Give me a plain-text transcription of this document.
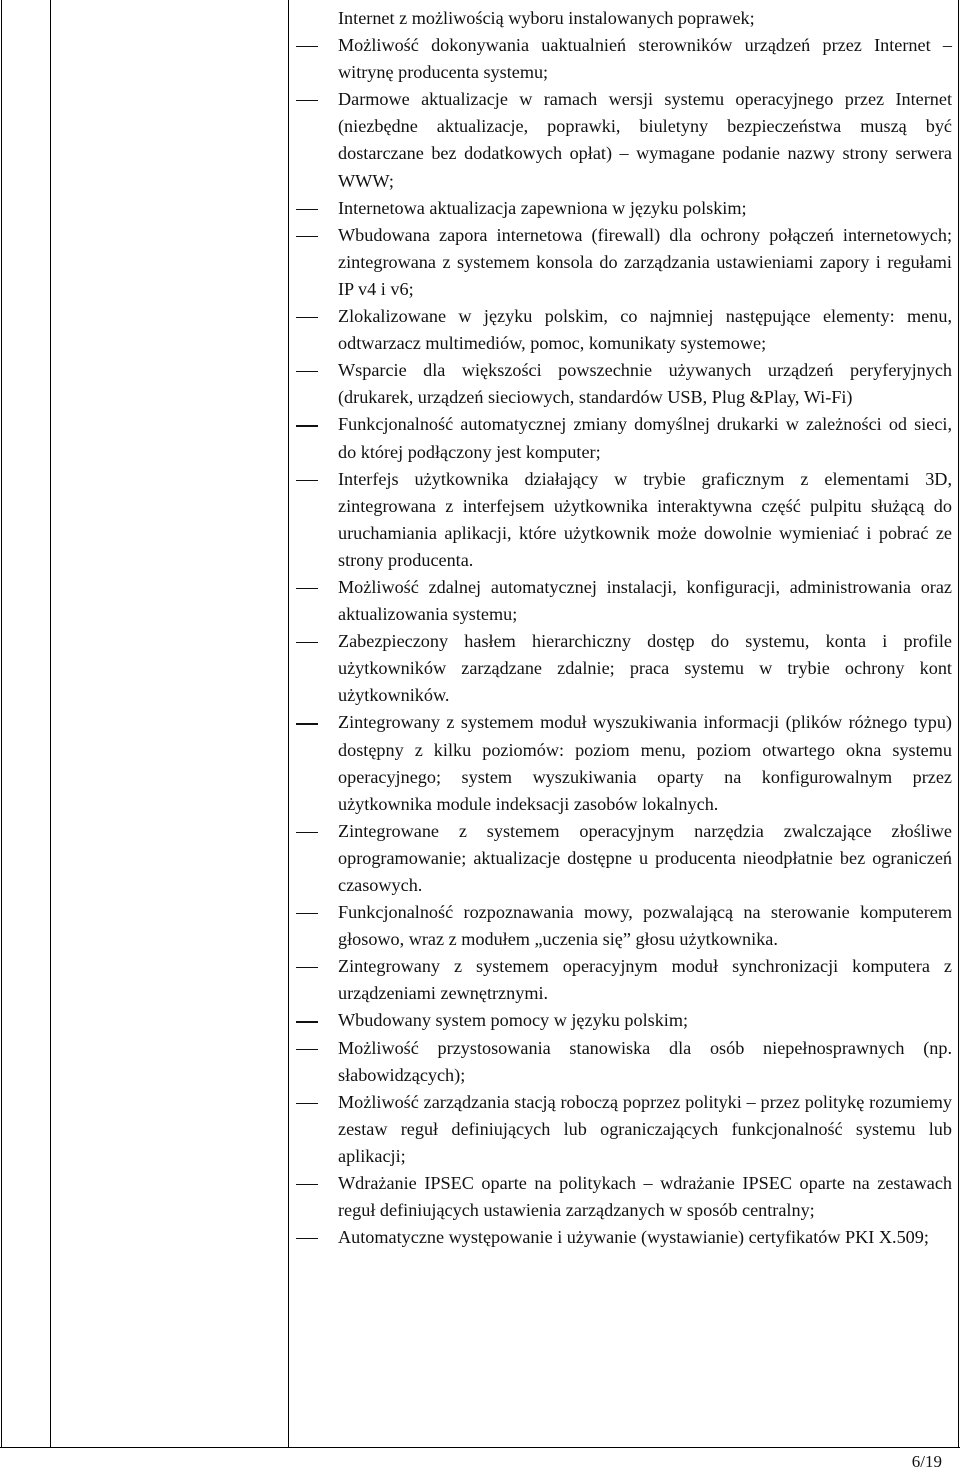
Internet z możliwością wyboru instalowanych poprawek;
Możliwość dokonywania uaktualnień sterowników urządzeń przez Internet – witrynę producenta systemu;
Darmowe aktualizacje w ramach wersji systemu operacyjnego przez Internet (niezbędne aktualizacje, poprawki, biuletyny bezpieczeństwa muszą być dostarczane bez dodatkowych opłat) – wymagane podanie nazwy strony serwera WWW;
Internetowa aktualizacja zapewniona w języku polskim;
Wbudowana zapora internetowa (firewall) dla ochrony połączeń internetowych; zintegrowana z systemem konsola do zarządzania ustawieniami zapory i regułami IP v4 i v6;
Zlokalizowane w języku polskim, co najmniej następujące elementy: menu, odtwarzacz multimediów, pomoc, komunikaty systemowe;
Wsparcie dla większości powszechnie używanych urządzeń peryferyjnych (drukarek, urządzeń sieciowych, standardów USB, Plug &Play, Wi-Fi)
Funkcjonalność automatycznej zmiany domyślnej drukarki w zależności od sieci, do której podłączony jest komputer;
Interfejs użytkownika działający w trybie graficznym z elementami 3D, zintegrowana z interfejsem użytkownika interaktywna część pulpitu służącą do uruchamiania aplikacji, które użytkownik może dowolnie wymieniać i pobrać ze strony producenta.
Możliwość zdalnej automatycznej instalacji, konfiguracji, administrowania oraz aktualizowania systemu;
Zabezpieczony hasłem hierarchiczny dostęp do systemu, konta i profile użytkowników zarządzane zdalnie; praca systemu w trybie ochrony kont użytkowników.
Zintegrowany z systemem moduł wyszukiwania informacji (plików różnego typu) dostępny z kilku poziomów: poziom menu, poziom otwartego okna systemu operacyjnego; system wyszukiwania oparty na konfigurowalnym przez użytkownika module indeksacji zasobów lokalnych.
Zintegrowane z systemem operacyjnym narzędzia zwalczające złośliwe oprogramowanie; aktualizacje dostępne u producenta nieodpłatnie bez ograniczeń czasowych.
Funkcjonalność rozpoznawania mowy, pozwalającą na sterowanie komputerem głosowo, wraz z modułem „uczenia się” głosu użytkownika.
Zintegrowany z systemem operacyjnym moduł synchronizacji komputera z urządzeniami zewnętrznymi.
Wbudowany system pomocy w języku polskim;
Możliwość przystosowania stanowiska dla osób niepełnosprawnych (np. słabowidzących);
Możliwość zarządzania stacją roboczą poprzez polityki – przez politykę rozumiemy zestaw reguł definiujących lub ograniczających funkcjonalność systemu lub aplikacji;
Wdrażanie IPSEC oparte na politykach – wdrażanie IPSEC oparte na zestawach reguł definiujących ustawienia zarządzanych w sposób centralny;
Automatyczne występowanie i używanie (wystawianie) certyfikatów PKI X.509;
6/19
